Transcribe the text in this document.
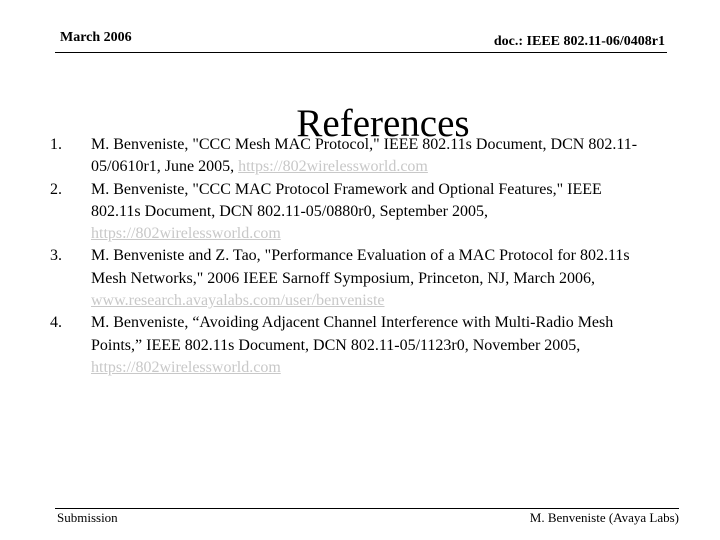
March 2006	doc.: IEEE 802.11-06/0408r1
References
1. M. Benveniste, "CCC Mesh MAC Protocol," IEEE 802.11s Document, DCN 802.11-05/0610r1, June 2005, https://802wirelessworld.com
2. M. Benveniste, "CCC MAC Protocol Framework and Optional Features," IEEE 802.11s Document, DCN 802.11-05/0880r0, September 2005, https://802wirelessworld.com
3. M. Benveniste and Z. Tao, "Performance Evaluation of a MAC Protocol for 802.11s Mesh Networks," 2006 IEEE Sarnoff Symposium, Princeton, NJ, March 2006, www.research.avayalabs.com/user/benveniste
4. M. Benveniste, “Avoiding Adjacent Channel Interference with Multi-Radio Mesh Points,” IEEE 802.11s Document, DCN 802.11-05/1123r0, November 2005, https://802wirelessworld.com
Submission	M. Benveniste (Avaya Labs)
